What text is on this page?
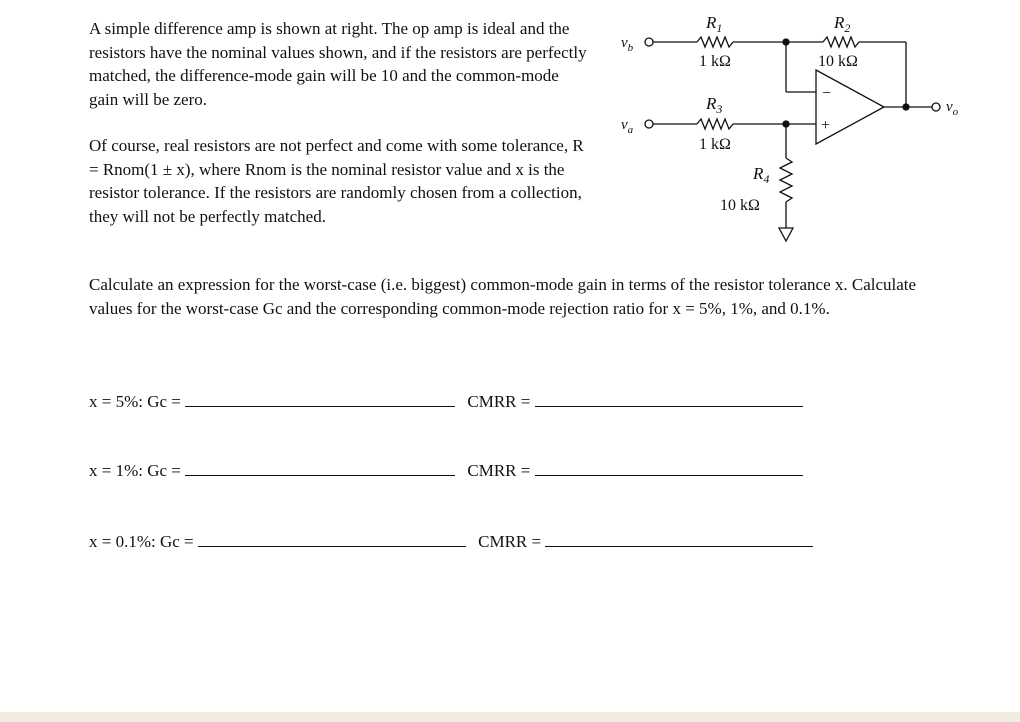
A simple difference amp is shown at right. The op amp is ideal and the resistors have the nominal values shown, and if the resistors are perfectly matched, the difference-mode gain will be 10 and the common-mode gain will be zero.

Of course, real resistors are not perfect and come with some tolerance, R = Rnom(1 ± x), where Rnom is the nominal resistor value and x is the resistor tolerance. If the resistors are randomly chosen from a collection, they will not be perfectly matched.

Calculate an expression for the worst-case (i.e. biggest) common-mode gain in terms of the resistor tolerance x. Calculate values for the worst-case Gc and the corresponding common-mode rejection ratio for x = 5%, 1%, and 0.1%.

x = 5%: Gc =	CMRR =
x = 1%: Gc =	CMRR =
x = 0.1%: Gc =	CMRR =
$v_b$
$v_a$
$v_o$
$R_1$
1 kΩ
$R_2$
10 kΩ
$R_3$
1 kΩ
$R_4$
10 kΩ
−
+
